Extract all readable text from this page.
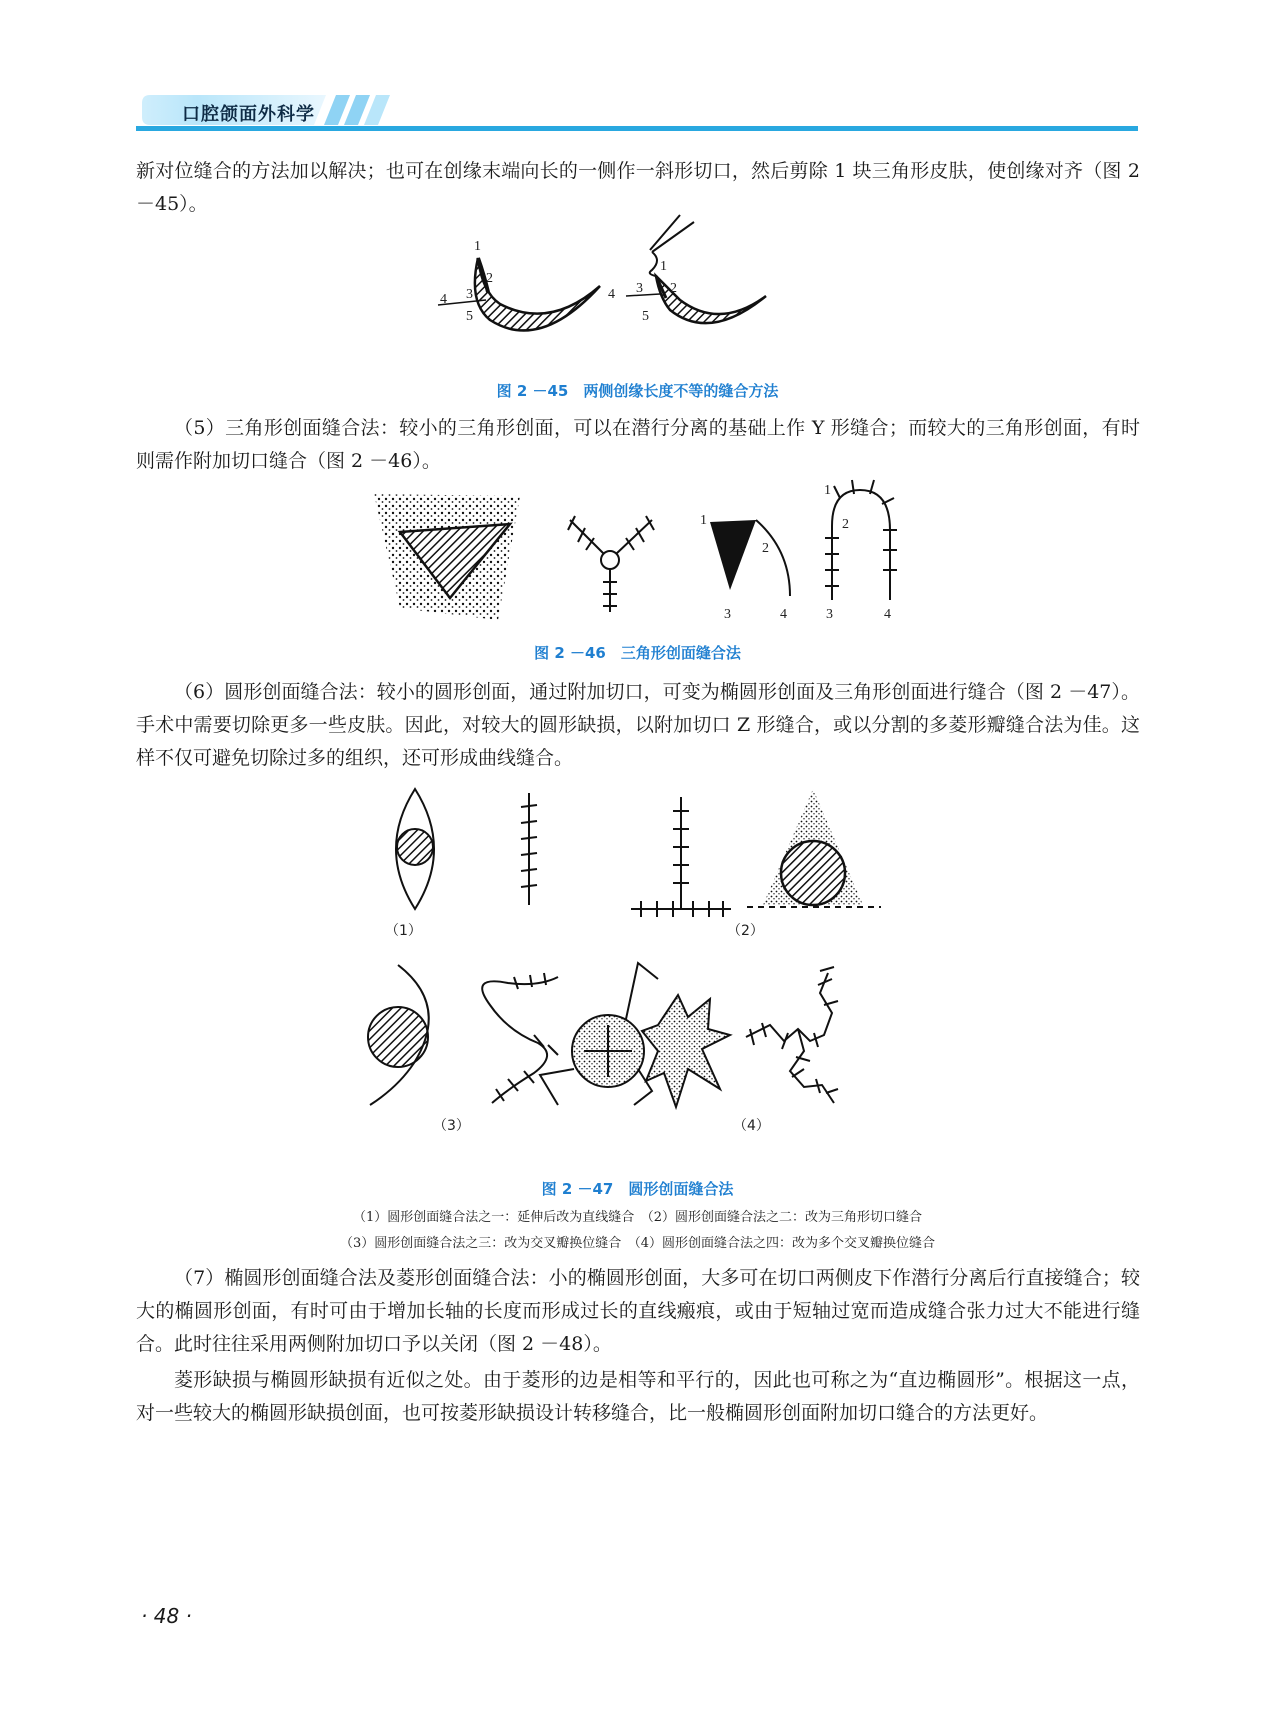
口腔颌面外科学

新对位缝合的方法加以解决；也可在创缘末端向长的一侧作一斜形切口，然后剪除 1 块三角形皮肤，使创缘对齐（图 2 －45）。

4
1
2
3
5
4
1
2
3
5
图 2 －45　两侧创缘长度不等的缝合方法

（5）三角形创面缝合法：较小的三角形创面，可以在潜行分离的基础上作 Y 形缝合；而较大的三角形创面，有时则需作附加切口缝合（图 2 －46）。

1
2
3	4
1
2
3	4
图 2 －46　三角形创面缝合法

（6）圆形创面缝合法：较小的圆形创面，通过附加切口，可变为椭圆形创面及三角形创面进行缝合（图 2 －47）。手术中需要切除更多一些皮肤。因此，对较大的圆形缺损，以附加切口 Z 形缝合，或以分割的多菱形瓣缝合法为佳。这样不仅可避免切除过多的组织，还可形成曲线缝合。

（1）	（2）
（3）	（4）
图 2 －47　圆形创面缝合法
（1）圆形创面缝合法之一：延伸后改为直线缝合　（2）圆形创面缝合法之二：改为三角形切口缝合
（3）圆形创面缝合法之三：改为交叉瓣换位缝合　（4）圆形创面缝合法之四：改为多个交叉瓣换位缝合

（7）椭圆形创面缝合法及菱形创面缝合法：小的椭圆形创面，大多可在切口两侧皮下作潜行分离后行直接缝合；较大的椭圆形创面，有时可由于增加长轴的长度而形成过长的直线瘢痕，或由于短轴过宽而造成缝合张力过大不能进行缝合。此时往往采用两侧附加切口予以关闭（图 2 －48）。

菱形缺损与椭圆形缺损有近似之处。由于菱形的边是相等和平行的，因此也可称之为“直边椭圆形”。根据这一点，对一些较大的椭圆形缺损创面，也可按菱形缺损设计转移缝合，比一般椭圆形创面附加切口缝合的方法更好。

· 48 ·
